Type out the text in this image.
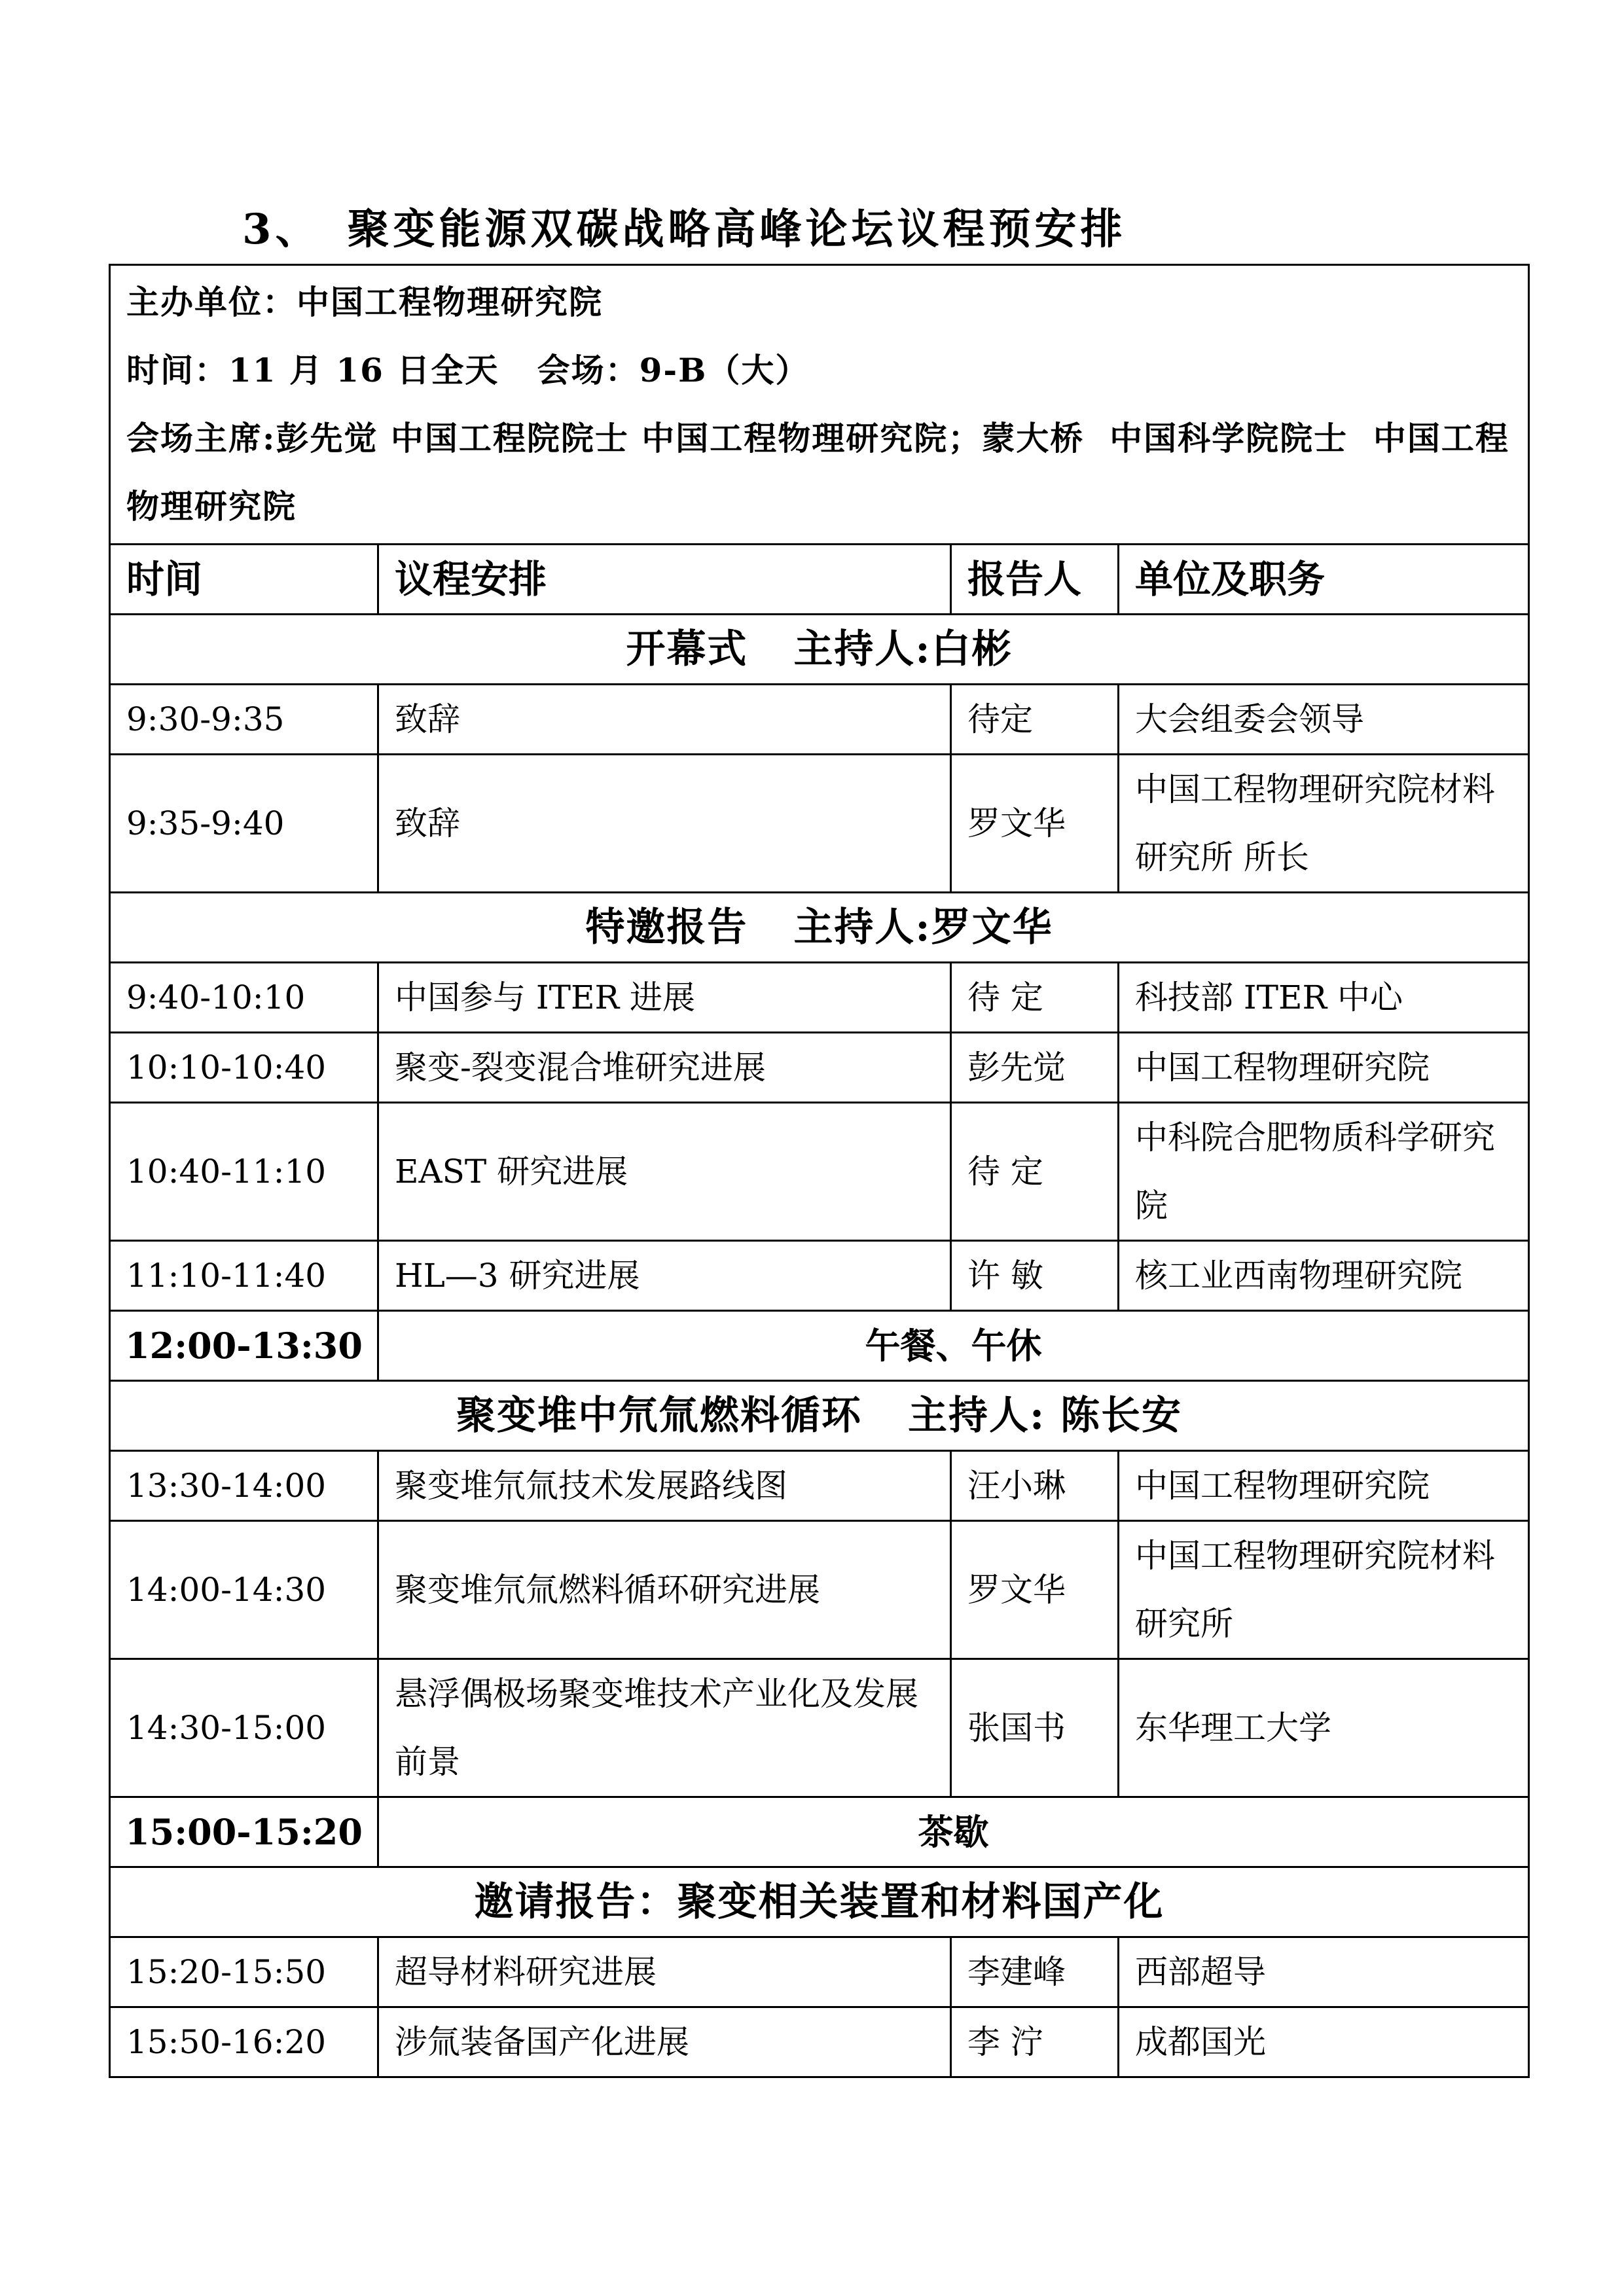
3、 聚变能源双碳战略高峰论坛议程预安排
主办单位：中国工程物理研究院
时间：11 月 16 日全天   会场：9-B（大）
会场主席:彭先觉 中国工程院院士 中国工程物理研究院；蒙大桥  中国科学院院士  中国工程物理研究院			

时间	议程安排	报告人	单位及职务
开幕式 主持人:白彬			
9:30-9:35	致辞	待定	大会组委会领导
9:35-9:40	致辞	罗文华	中国工程物理研究院材料研究所 所长
特邀报告 主持人:罗文华			
9:40-10:10	中国参与 ITER 进展	待 定	科技部 ITER 中心
10:10-10:40	聚变-裂变混合堆研究进展	彭先觉	中国工程物理研究院
10:40-11:10	EAST 研究进展	待 定	中科院合肥物质科学研究院
11:10-11:40	HL—3 研究进展	许 敏	核工业西南物理研究院
12:00-13:30	午餐、午休		
聚变堆中氘氚燃料循环 主持人: 陈长安			
13:30-14:00	聚变堆氘氚技术发展路线图	汪小琳	中国工程物理研究院
14:00-14:30	聚变堆氘氚燃料循环研究进展	罗文华	中国工程物理研究院材料研究所
14:30-15:00	悬浮偶极场聚变堆技术产业化及发展前景	张国书	东华理工大学
15:00-15:20	茶歇		
邀请报告：聚变相关装置和材料国产化			
15:20-15:50	超导材料研究进展	李建峰	西部超导
15:50-16:20	涉氚装备国产化进展	李 泞	成都国光
